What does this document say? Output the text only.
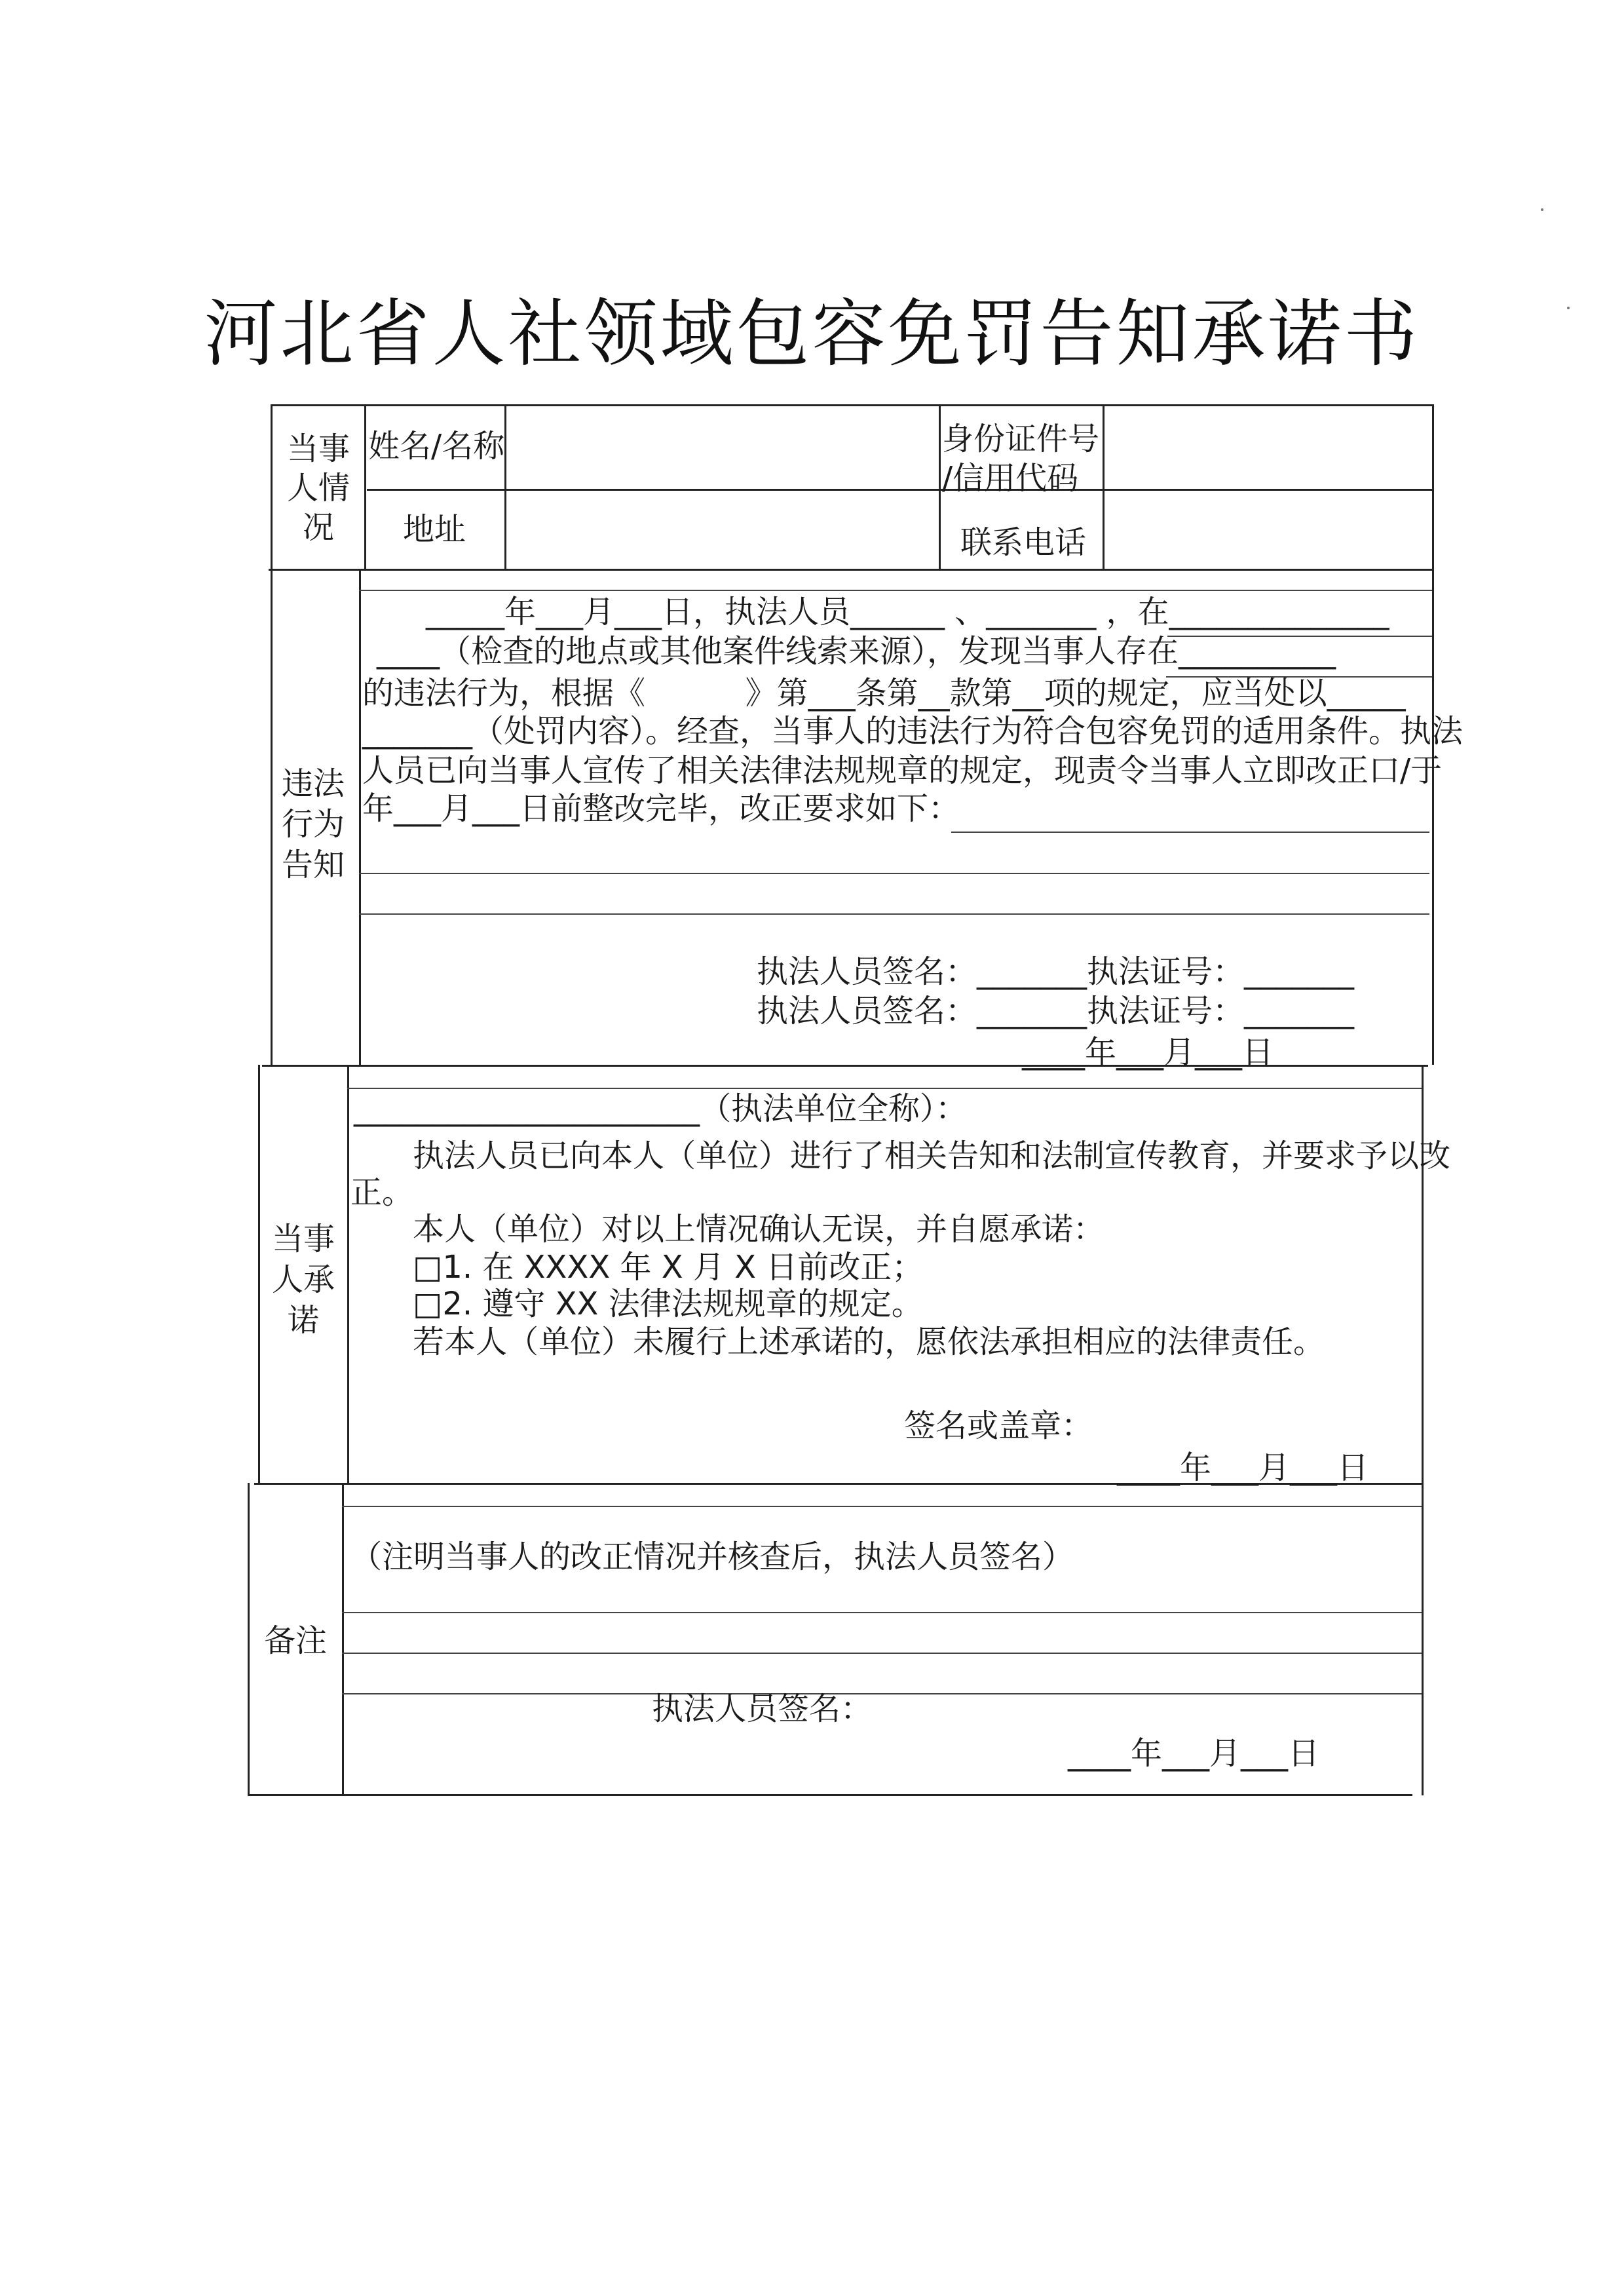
河北省人社领域包容免罚告知承诺书
当事
人情
况
姓名/名称	身份证件号
/信用代码
地址	联系电话
违法
行为
告知
_____年___月___日，执法人员______ 、_______ ，在______________
____（检查的地点或其他案件线索来源），发现当事人存在__________
的违法行为，根据《          》第___条第__款第__项的规定，应当处以_____
_______（处罚内容）。经查，当事人的违法行为符合包容免罚的适用条件。执法
人员已向当事人宣传了相关法律法规规章的规定，现责令当事人立即改正口/于
年___月___日前整改完毕，改正要求如下：
执法人员签名：_______执法证号：_______
执法人员签名：_______执法证号：_______
____年___月___日
当事
人承
诺
______________________（执法单位全称）：
执法人员已向本人（单位）进行了相关告知和法制宣传教育，并要求予以改
正。
本人（单位）对以上情况确认无误，并自愿承诺：
□1. 在 XXXX 年 X 月 X 日前改正；
□2. 遵守 XX 法律法规规章的规定。
若本人（单位）未履行上述承诺的，愿依法承担相应的法律责任。
签名或盖章：
____年___月___日
备注
（注明当事人的改正情况并核查后，执法人员签名）
执法人员签名：
____年___月___日
